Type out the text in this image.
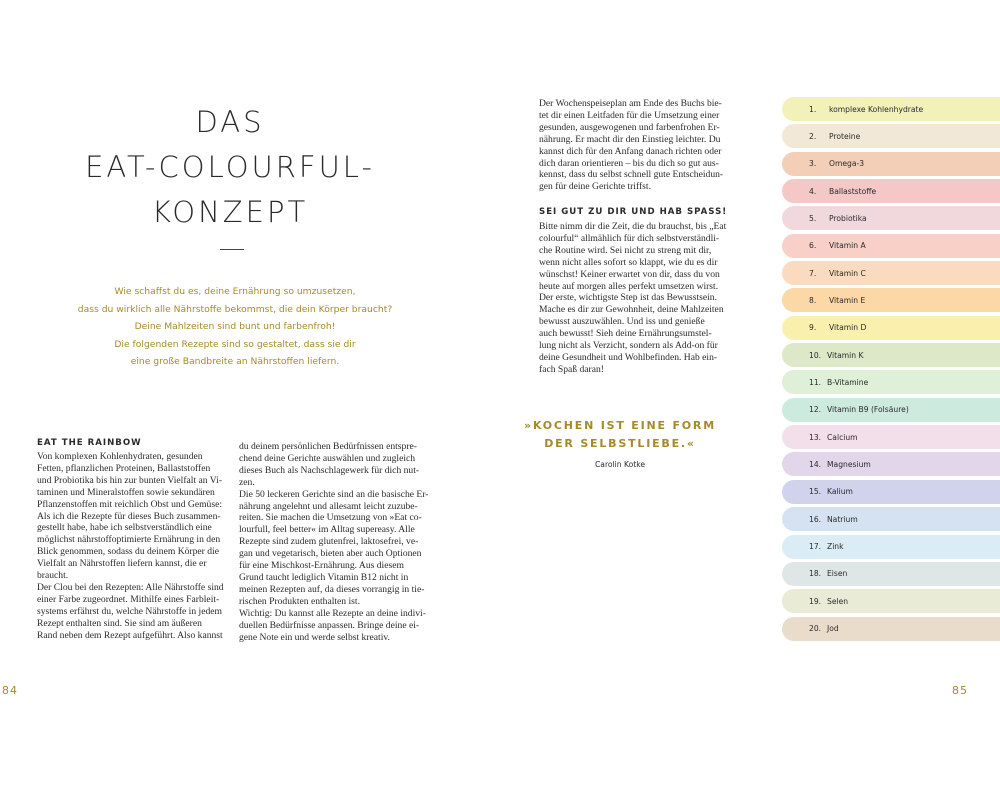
DAS
EAT-COLOURFUL-
KONZEPT
Wie schaffst du es, deine Ernährung so umzusetzen,
dass du wirklich alle Nährstoffe bekommst, die dein Körper braucht?
Deine Mahlzeiten sind bunt und farbenfroh!
Die folgenden Rezepte sind so gestaltet, dass sie dir
eine große Bandbreite an Nährstoffen liefern.
EAT THE RAINBOW
Von komplexen Kohlenhydraten, gesunden
Fetten, pflanzlichen Proteinen, Ballaststoffen
und Probiotika bis hin zur bunten Vielfalt an Vi-
taminen und Mineralstoffen sowie sekundären
Pflanzenstoffen mit reichlich Obst und Gemüse:
Als ich die Rezepte für dieses Buch zusammen-
gestellt habe, habe ich selbstverständlich eine
möglichst nährstoffoptimierte Ernährung in den
Blick genommen, sodass du deinem Körper die
Vielfalt an Nährstoffen liefern kannst, die er
braucht.
Der Clou bei den Rezepten: Alle Nährstoffe sind
einer Farbe zugeordnet. Mithilfe eines Farbleit-
systems erfährst du, welche Nährstoffe in jedem
Rezept enthalten sind. Sie sind am äußeren
Rand neben dem Rezept aufgeführt. Also kannst
du deinem persönlichen Bedürfnissen entspre-
chend deine Gerichte auswählen und zugleich
dieses Buch als Nachschlagewerk für dich nut-
zen.
Die 50 leckeren Gerichte sind an die basische Er-
nährung angelehnt und allesamt leicht zuzube-
reiten. Sie machen die Umsetzung von »Eat co-
lourfull, feel better« im Alltag supereasy. Alle
Rezepte sind zudem glutenfrei, laktosefrei, ve-
gan und vegetarisch, bieten aber auch Optionen
für eine Mischkost-Ernährung. Aus diesem
Grund taucht lediglich Vitamin B12 nicht in
meinen Rezepten auf, da dieses vorrangig in tie-
rischen Produkten enthalten ist.
Wichtig: Du kannst alle Rezepte an deine indivi-
duellen Bedürfnisse anpassen. Bringe deine ei-
gene Note ein und werde selbst kreativ.
84
Der Wochenspeiseplan am Ende des Buchs bie-
tet dir einen Leitfaden für die Umsetzung einer
gesunden, ausgewogenen und farbenfrohen Er-
nährung. Er macht dir den Einstieg leichter. Du
kannst dich für den Anfang danach richten oder
dich daran orientieren – bis du dich so gut aus-
kennst, dass du selbst schnell gute Entscheidun-
gen für deine Gerichte triffst.
SEI GUT ZU DIR UND HAB SPASS!
Bitte nimm dir die Zeit, die du brauchst, bis „Eat
colourful“ allmählich für dich selbstverständli-
che Routine wird. Sei nicht zu streng mit dir,
wenn nicht alles sofort so klappt, wie du es dir
wünschst! Keiner erwartet von dir, dass du von
heute auf morgen alles perfekt umsetzen wirst.
Der erste, wichtigste Step ist das Bewusstsein.
Mache es dir zur Gewohnheit, deine Mahlzeiten
bewusst auszuwählen. Und iss und genieße
auch bewusst! Sieh deine Ernährungsumstel-
lung nicht als Verzicht, sondern als Add-on für
deine Gesundheit und Wohlbefinden. Hab ein-
fach Spaß daran!
»KOCHEN IST EINE FORM
DER SELBSTLIEBE.«
Carolin Kotke
1.	komplexe Kohlenhydrate
2.	Proteine
3.	Omega-3
4.	Ballaststoffe
5.	Probiotika
6.	Vitamin A
7.	Vitamin C
8.	Vitamin E
9.	Vitamin D
10. Vitamin K
11. B-Vitamine
12. Vitamin B9 (Folsäure)
13. Calcium
14. Magnesium
15. Kalium
16. Natrium
17. Zink
18. Eisen
19. Selen
20. Jod
85
